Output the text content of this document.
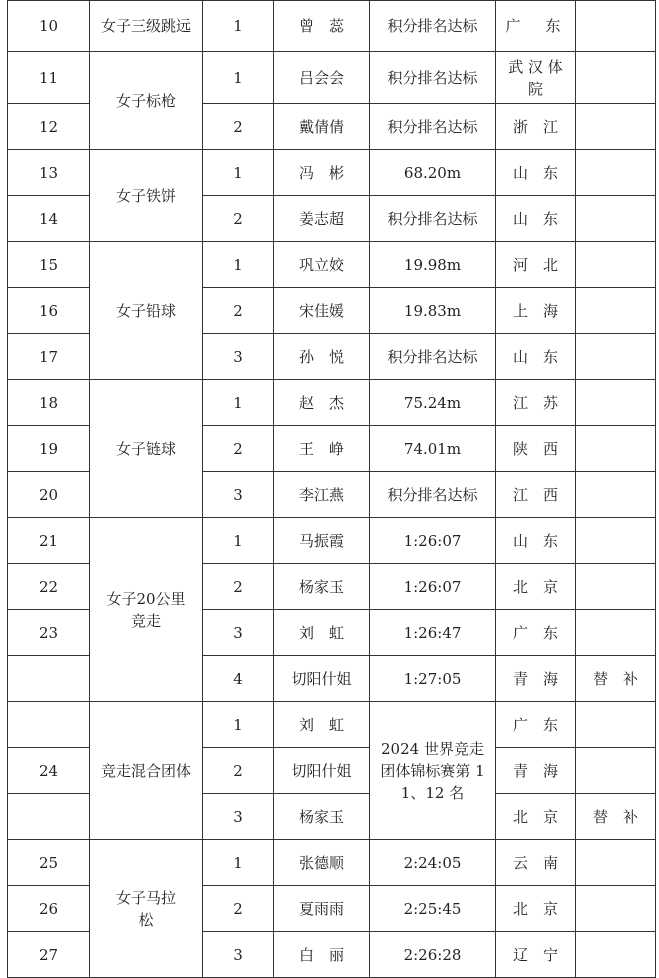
10	女子三级跳远	1	曾　蕊	积分排名达标	广　东	
11	女子标枪	1	吕会会	积分排名达标	武 汉 体 院	
12		2	戴倩倩	积分排名达标	浙　江	
13	女子铁饼	1	冯　彬	68.20m	山　东	
14		2	姜志超	积分排名达标	山　东	
15	女子铅球	1	巩立姣	19.98m	河　北	
16		2	宋佳媛	19.83m	上　海	
17		3	孙　悦	积分排名达标	山　东	
18	女子链球	1	赵　杰	75.24m	江　苏	
19		2	王　峥	74.01m	陕　西	
20		3	李江燕	积分排名达标	江　西	
21	女子20公里竞走	1	马振霞	1:26:07	山　东	
22		2	杨家玉	1:26:07	北　京	
23		3	刘　虹	1:26:47	广　东	
		4	切阳什姐	1:27:05	青　海	替　补
	竞走混合团体	1	刘　虹	2024 世界竞走团体锦标赛第 11、12 名	广　东	
24		2	切阳什姐		青　海	
		3	杨家玉		北　京	替　补
25	女子马拉松	1	张德顺	2:24:05	云　南	
26		2	夏雨雨	2:25:45	北　京	
27		3	白　丽	2:26:28	辽　宁	
